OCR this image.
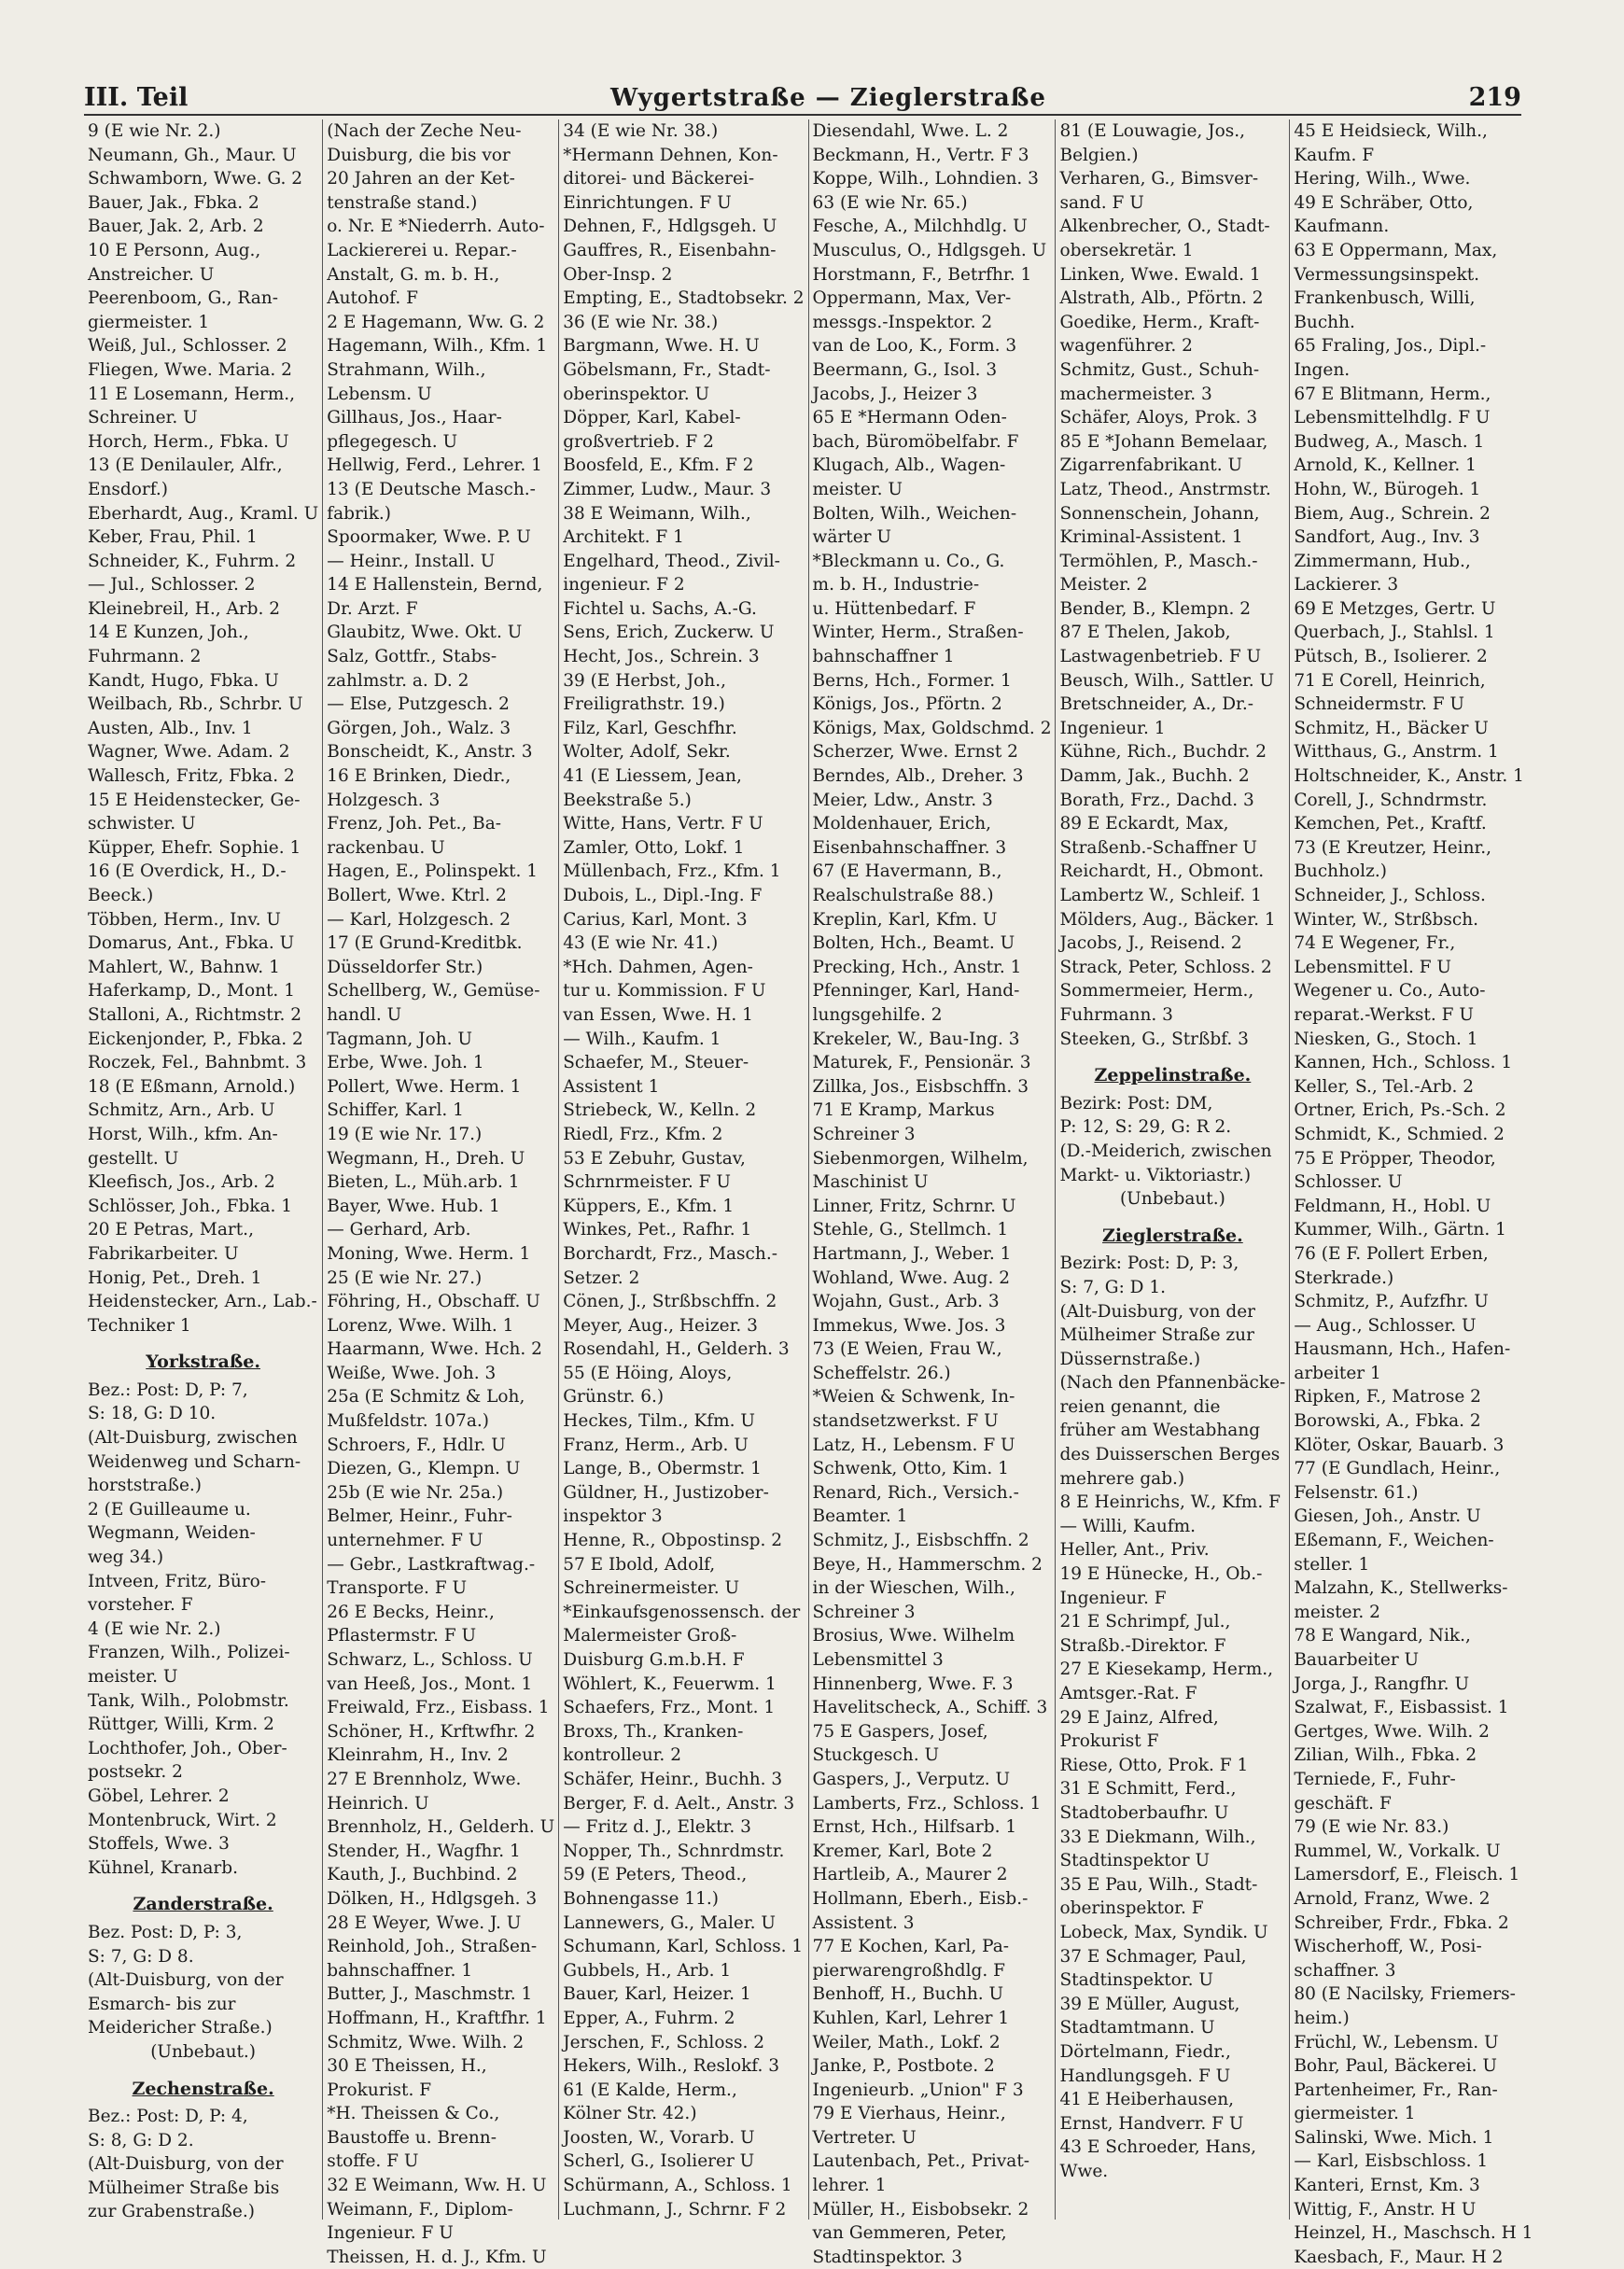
III. Teil	Wygertstraße — Zieglerstraße	219

9 (E wie Nr. 2.)

Neumann, Gh., Maur. U

Schwamborn, Wwe. G. 2

Bauer, Jak., Fbka. 2

Bauer, Jak. 2, Arb. 2

10 E Personn, Aug.,

Anstreicher. U

Peerenboom, G., Ran-

giermeister. 1

Weiß, Jul., Schlosser. 2

Fliegen, Wwe. Maria. 2

11 E Losemann, Herm.,

Schreiner. U

Horch, Herm., Fbka. U

13 (E Denilauler, Alfr.,

Ensdorf.)

Eberhardt, Aug., Kraml. U

Keber, Frau, Phil. 1

Schneider, K., Fuhrm. 2

— Jul., Schlosser. 2

Kleinebreil, H., Arb. 2

14 E Kunzen, Joh.,

Fuhrmann. 2

Kandt, Hugo, Fbka. U

Weilbach, Rb., Schrbr. U

Austen, Alb., Inv. 1

Wagner, Wwe. Adam. 2

Wallesch, Fritz, Fbka. 2

15 E Heidenstecker, Ge-

schwister. U

Küpper, Ehefr. Sophie. 1

16 (E Overdick, H., D.-

Beeck.)

Többen, Herm., Inv. U

Domarus, Ant., Fbka. U

Mahlert, W., Bahnw. 1

Haferkamp, D., Mont. 1

Stalloni, A., Richtmstr. 2

Eickenjonder, P., Fbka. 2

Roczek, Fel., Bahnbmt. 3

18 (E Eßmann, Arnold.)

Schmitz, Arn., Arb. U

Horst, Wilh., kfm. An-

gestellt. U

Kleefisch, Jos., Arb. 2

Schlösser, Joh., Fbka. 1

20 E Petras, Mart.,

Fabrikarbeiter. U

Honig, Pet., Dreh. 1

Heidenstecker, Arn., Lab.-

Techniker 1

Yorkstraße.

Bez.: Post: D, P: 7,

S: 18, G: D 10.

(Alt-Duisburg, zwischen

Weidenweg und Scharn-

horststraße.)

2 (E Guilleaume u.

Wegmann, Weiden-

weg 34.)

Intveen, Fritz, Büro-

vorsteher. F

4 (E wie Nr. 2.)

Franzen, Wilh., Polizei-

meister. U

Tank, Wilh., Polobmstr.

Rüttger, Willi, Krm. 2

Lochthofer, Joh., Ober-

postsekr. 2

Göbel, Lehrer. 2

Montenbruck, Wirt. 2

Stoffels, Wwe. 3

Kühnel, Kranarb.

Zanderstraße.

Bez. Post: D, P: 3,

S: 7, G: D 8.

(Alt-Duisburg, von der

Esmarch- bis zur

Meidericher Straße.)

(Unbebaut.)

Zechenstraße.

Bez.: Post: D, P: 4,

S: 8, G: D 2.

(Alt-Duisburg, von der

Mülheimer Straße bis

zur Grabenstraße.)

(Nach der Zeche Neu-

Duisburg, die bis vor

20 Jahren an der Ket-

tenstraße stand.)

o. Nr. E *Niederrh. Auto-

Lackiererei u. Repar.-

Anstalt, G. m. b. H.,

Autohof. F

2 E Hagemann, Ww. G. 2

Hagemann, Wilh., Kfm. 1

Strahmann, Wilh.,

Lebensm. U

Gillhaus, Jos., Haar-

pflegegesch. U

Hellwig, Ferd., Lehrer. 1

13 (E Deutsche Masch.-

fabrik.)

Spoormaker, Wwe. P. U

— Heinr., Install. U

14 E Hallenstein, Bernd,

Dr. Arzt. F

Glaubitz, Wwe. Okt. U

Salz, Gottfr., Stabs-

zahlmstr. a. D. 2

— Else, Putzgesch. 2

Görgen, Joh., Walz. 3

Bonscheidt, K., Anstr. 3

16 E Brinken, Diedr.,

Holzgesch. 3

Frenz, Joh. Pet., Ba-

rackenbau. U

Hagen, E., Polinspekt. 1

Bollert, Wwe. Ktrl. 2

— Karl, Holzgesch. 2

17 (E Grund-Kreditbk.

Düsseldorfer Str.)

Schellberg, W., Gemüse-

handl. U

Tagmann, Joh. U

Erbe, Wwe. Joh. 1

Pollert, Wwe. Herm. 1

Schiffer, Karl. 1

19 (E wie Nr. 17.)

Wegmann, H., Dreh. U

Bieten, L., Müh.arb. 1

Bayer, Wwe. Hub. 1

— Gerhard, Arb.

Moning, Wwe. Herm. 1

25 (E wie Nr. 27.)

Föhring, H., Obschaff. U

Lorenz, Wwe. Wilh. 1

Haarmann, Wwe. Hch. 2

Weiße, Wwe. Joh. 3

25a (E Schmitz & Loh,

Mußfeldstr. 107a.)

Schroers, F., Hdlr. U

Diezen, G., Klempn. U

25b (E wie Nr. 25a.)

Belmer, Heinr., Fuhr-

unternehmer. F U

— Gebr., Lastkraftwag.-

Transporte. F U

26 E Becks, Heinr.,

Pflastermstr. F U

Schwarz, L., Schloss. U

van Heeß, Jos., Mont. 1

Freiwald, Frz., Eisbass. 1

Schöner, H., Krftwfhr. 2

Kleinrahm, H., Inv. 2

27 E Brennholz, Wwe.

Heinrich. U

Brennholz, H., Gelderh. U

Stender, H., Wagfhr. 1

Kauth, J., Buchbind. 2

Dölken, H., Hdlgsgeh. 3

28 E Weyer, Wwe. J. U

Reinhold, Joh., Straßen-

bahnschaffner. 1

Butter, J., Maschmstr. 1

Hoffmann, H., Kraftfhr. 1

Schmitz, Wwe. Wilh. 2

30 E Theissen, H.,

Prokurist. F

*H. Theissen & Co.,

Baustoffe u. Brenn-

stoffe. F U

32 E Weimann, Ww. H. U

Weimann, F., Diplom-

Ingenieur. F U

Theissen, H. d. J., Kfm. U

34 (E wie Nr. 38.)

*Hermann Dehnen, Kon-

ditorei- und Bäckerei-

Einrichtungen. F U

Dehnen, F., Hdlgsgeh. U

Gauffres, R., Eisenbahn-

Ober-Insp. 2

Empting, E., Stadtobsekr. 2

36 (E wie Nr. 38.)

Bargmann, Wwe. H. U

Göbelsmann, Fr., Stadt-

oberinspektor. U

Döpper, Karl, Kabel-

großvertrieb. F 2

Boosfeld, E., Kfm. F 2

Zimmer, Ludw., Maur. 3

38 E Weimann, Wilh.,

Architekt. F 1

Engelhard, Theod., Zivil-

ingenieur. F 2

Fichtel u. Sachs, A.-G.

Sens, Erich, Zuckerw. U

Hecht, Jos., Schrein. 3

39 (E Herbst, Joh.,

Freiligrathstr. 19.)

Filz, Karl, Geschfhr.

Wolter, Adolf, Sekr.

41 (E Liessem, Jean,

Beekstraße 5.)

Witte, Hans, Vertr. F U

Zamler, Otto, Lokf. 1

Müllenbach, Frz., Kfm. 1

Dubois, L., Dipl.-Ing. F

Carius, Karl, Mont. 3

43 (E wie Nr. 41.)

*Hch. Dahmen, Agen-

tur u. Kommission. F U

van Essen, Wwe. H. 1

— Wilh., Kaufm. 1

Schaefer, M., Steuer-

Assistent 1

Striebeck, W., Kelln. 2

Riedl, Frz., Kfm. 2

53 E Zebuhr, Gustav,

Schrnrmeister. F U

Küppers, E., Kfm. 1

Winkes, Pet., Rafhr. 1

Borchardt, Frz., Masch.-

Setzer. 2

Cönen, J., Strßbschffn. 2

Meyer, Aug., Heizer. 3

Rosendahl, H., Gelderh. 3

55 (E Höing, Aloys,

Grünstr. 6.)

Heckes, Tilm., Kfm. U

Franz, Herm., Arb. U

Lange, B., Obermstr. 1

Güldner, H., Justizober-

inspektor 3

Henne, R., Obpostinsp. 2

57 E Ibold, Adolf,

Schreinermeister. U

*Einkaufsgenossensch. der

Malermeister Groß-

Duisburg G.m.b.H. F

Wöhlert, K., Feuerwm. 1

Schaefers, Frz., Mont. 1

Broxs, Th., Kranken-

kontrolleur. 2

Schäfer, Heinr., Buchh. 3

Berger, F. d. Aelt., Anstr. 3

— Fritz d. J., Elektr. 3

Nopper, Th., Schnrdmstr.

59 (E Peters, Theod.,

Bohnengasse 11.)

Lannewers, G., Maler. U

Schumann, Karl, Schloss. 1

Gubbels, H., Arb. 1

Bauer, Karl, Heizer. 1

Epper, A., Fuhrm. 2

Jerschen, F., Schloss. 2

Hekers, Wilh., Reslokf. 3

61 (E Kalde, Herm.,

Kölner Str. 42.)

Joosten, W., Vorarb. U

Scherl, G., Isolierer U

Schürmann, A., Schloss. 1

Luchmann, J., Schrnr. F 2

Diesendahl, Wwe. L. 2

Beckmann, H., Vertr. F 3

Koppe, Wilh., Lohndien. 3

63 (E wie Nr. 65.)

Fesche, A., Milchhdlg. U

Musculus, O., Hdlgsgeh. U

Horstmann, F., Betrfhr. 1

Oppermann, Max, Ver-

messgs.-Inspektor. 2

van de Loo, K., Form. 3

Beermann, G., Isol. 3

Jacobs, J., Heizer 3

65 E *Hermann Oden-

bach, Büromöbelfabr. F

Klugach, Alb., Wagen-

meister. U

Bolten, Wilh., Weichen-

wärter U

*Bleckmann u. Co., G.

m. b. H., Industrie-

u. Hüttenbedarf. F

Winter, Herm., Straßen-

bahnschaffner 1

Berns, Hch., Former. 1

Königs, Jos., Pförtn. 2

Königs, Max, Goldschmd. 2

Scherzer, Wwe. Ernst 2

Berndes, Alb., Dreher. 3

Meier, Ldw., Anstr. 3

Moldenhauer, Erich,

Eisenbahnschaffner. 3

67 (E Havermann, B.,

Realschulstraße 88.)

Kreplin, Karl, Kfm. U

Bolten, Hch., Beamt. U

Precking, Hch., Anstr. 1

Pfenninger, Karl, Hand-

lungsgehilfe. 2

Krekeler, W., Bau-Ing. 3

Maturek, F., Pensionär. 3

Zillka, Jos., Eisbschffn. 3

71 E Kramp, Markus

Schreiner 3

Siebenmorgen, Wilhelm,

Maschinist U

Linner, Fritz, Schrnr. U

Stehle, G., Stellmch. 1

Hartmann, J., Weber. 1

Wohland, Wwe. Aug. 2

Wojahn, Gust., Arb. 3

Immekus, Wwe. Jos. 3

73 (E Weien, Frau W.,

Scheffelstr. 26.)

*Weien & Schwenk, In-

standsetzwerkst. F U

Latz, H., Lebensm. F U

Schwenk, Otto, Kim. 1

Renard, Rich., Versich.-

Beamter. 1

Schmitz, J., Eisbschffn. 2

Beye, H., Hammerschm. 2

in der Wieschen, Wilh.,

Schreiner 3

Brosius, Wwe. Wilhelm

Lebensmittel 3

Hinnenberg, Wwe. F. 3

Havelitscheck, A., Schiff. 3

75 E Gaspers, Josef,

Stuckgesch. U

Gaspers, J., Verputz. U

Lamberts, Frz., Schloss. 1

Ernst, Hch., Hilfsarb. 1

Kremer, Karl, Bote 2

Hartleib, A., Maurer 2

Hollmann, Eberh., Eisb.-

Assistent. 3

77 E Kochen, Karl, Pa-

pierwarengroßhdlg. F

Benhoff, H., Buchh. U

Kuhlen, Karl, Lehrer 1

Weiler, Math., Lokf. 2

Janke, P., Postbote. 2

Ingenieurb. „Union" F 3

79 E Vierhaus, Heinr.,

Vertreter. U

Lautenbach, Pet., Privat-

lehrer. 1

Müller, H., Eisbobsekr. 2

van Gemmeren, Peter,

Stadtinspektor. 3

81 (E Louwagie, Jos.,

Belgien.)

Verharen, G., Bimsver-

sand. F U

Alkenbrecher, O., Stadt-

obersekretär. 1

Linken, Wwe. Ewald. 1

Alstrath, Alb., Pförtn. 2

Goedike, Herm., Kraft-

wagenführer. 2

Schmitz, Gust., Schuh-

machermeister. 3

Schäfer, Aloys, Prok. 3

85 E *Johann Bemelaar,

Zigarrenfabrikant. U

Latz, Theod., Anstrmstr.

Sonnenschein, Johann,

Kriminal-Assistent. 1

Termöhlen, P., Masch.-

Meister. 2

Bender, B., Klempn. 2

87 E Thelen, Jakob,

Lastwagenbetrieb. F U

Beusch, Wilh., Sattler. U

Bretschneider, A., Dr.-

Ingenieur. 1

Kühne, Rich., Buchdr. 2

Damm, Jak., Buchh. 2

Borath, Frz., Dachd. 3

89 E Eckardt, Max,

Straßenb.-Schaffner U

Reichardt, H., Obmont.

Lambertz W., Schleif. 1

Mölders, Aug., Bäcker. 1

Jacobs, J., Reisend. 2

Strack, Peter, Schloss. 2

Sommermeier, Herm.,

Fuhrmann. 3

Steeken, G., Strßbf. 3

Zeppelinstraße.

Bezirk: Post: DM,

P: 12, S: 29, G: R 2.

(D.-Meiderich, zwischen

Markt- u. Viktoriastr.)

(Unbebaut.)

Zieglerstraße.

Bezirk: Post: D, P: 3,

S: 7, G: D 1.

(Alt-Duisburg, von der

Mülheimer Straße zur

Düssernstraße.)

(Nach den Pfannenbäcke-

reien genannt, die

früher am Westabhang

des Duisserschen Berges

mehrere gab.)

8 E Heinrichs, W., Kfm. F

— Willi, Kaufm.

Heller, Ant., Priv.

19 E Hünecke, H., Ob.-

Ingenieur. F

21 E Schrimpf, Jul.,

Straßb.-Direktor. F

27 E Kiesekamp, Herm.,

Amtsger.-Rat. F

29 E Jainz, Alfred,

Prokurist F

Riese, Otto, Prok. F 1

31 E Schmitt, Ferd.,

Stadtoberbaufhr. U

33 E Diekmann, Wilh.,

Stadtinspektor U

35 E Pau, Wilh., Stadt-

oberinspektor. F

Lobeck, Max, Syndik. U

37 E Schmager, Paul,

Stadtinspektor. U

39 E Müller, August,

Stadtamtmann. U

Dörtelmann, Fiedr.,

Handlungsgeh. F U

41 E Heiberhausen,

Ernst, Handverr. F U

43 E Schroeder, Hans,

Wwe.

45 E Heidsieck, Wilh.,

Kaufm. F

Hering, Wilh., Wwe.

49 E Schräber, Otto,

Kaufmann.

63 E Oppermann, Max,

Vermessungsinspekt.

Frankenbusch, Willi,

Buchh.

65 Fraling, Jos., Dipl.-

Ingen.

67 E Blitmann, Herm.,

Lebensmittelhdlg. F U

Budweg, A., Masch. 1

Arnold, K., Kellner. 1

Hohn, W., Bürogeh. 1

Biem, Aug., Schrein. 2

Sandfort, Aug., Inv. 3

Zimmermann, Hub.,

Lackierer. 3

69 E Metzges, Gertr. U

Querbach, J., Stahlsl. 1

Pütsch, B., Isolierer. 2

71 E Corell, Heinrich,

Schneidermstr. F U

Schmitz, H., Bäcker U

Witthaus, G., Anstrm. 1

Holtschneider, K., Anstr. 1

Corell, J., Schndrmstr.

Kemchen, Pet., Kraftf.

73 (E Kreutzer, Heinr.,

Buchholz.)

Schneider, J., Schloss.

Winter, W., Strßbsch.

74 E Wegener, Fr.,

Lebensmittel. F U

Wegener u. Co., Auto-

reparat.-Werkst. F U

Niesken, G., Stoch. 1

Kannen, Hch., Schloss. 1

Keller, S., Tel.-Arb. 2

Ortner, Erich, Ps.-Sch. 2

Schmidt, K., Schmied. 2

75 E Pröpper, Theodor,

Schlosser. U

Feldmann, H., Hobl. U

Kummer, Wilh., Gärtn. 1

76 (E F. Pollert Erben,

Sterkrade.)

Schmitz, P., Aufzfhr. U

— Aug., Schlosser. U

Hausmann, Hch., Hafen-

arbeiter 1

Ripken, F., Matrose 2

Borowski, A., Fbka. 2

Klöter, Oskar, Bauarb. 3

77 (E Gundlach, Heinr.,

Felsenstr. 61.)

Giesen, Joh., Anstr. U

Eßemann, F., Weichen-

steller. 1

Malzahn, K., Stellwerks-

meister. 2

78 E Wangard, Nik.,

Bauarbeiter U

Jorga, J., Rangfhr. U

Szalwat, F., Eisbassist. 1

Gertges, Wwe. Wilh. 2

Zilian, Wilh., Fbka. 2

Terniede, F., Fuhr-

geschäft. F

79 (E wie Nr. 83.)

Rummel, W., Vorkalk. U

Lamersdorf, E., Fleisch. 1

Arnold, Franz, Wwe. 2

Schreiber, Frdr., Fbka. 2

Wischerhoff, W., Posi-

schaffner. 3

80 (E Nacilsky, Friemers-

heim.)

Früchl, W., Lebensm. U

Bohr, Paul, Bäckerei. U

Partenheimer, Fr., Ran-

giermeister. 1

Salinski, Wwe. Mich. 1

— Karl, Eisbschloss. 1

Kanteri, Ernst, Km. 3

Wittig, F., Anstr. H U

Heinzel, H., Maschsch. H 1

Kaesbach, F., Maur. H 2
